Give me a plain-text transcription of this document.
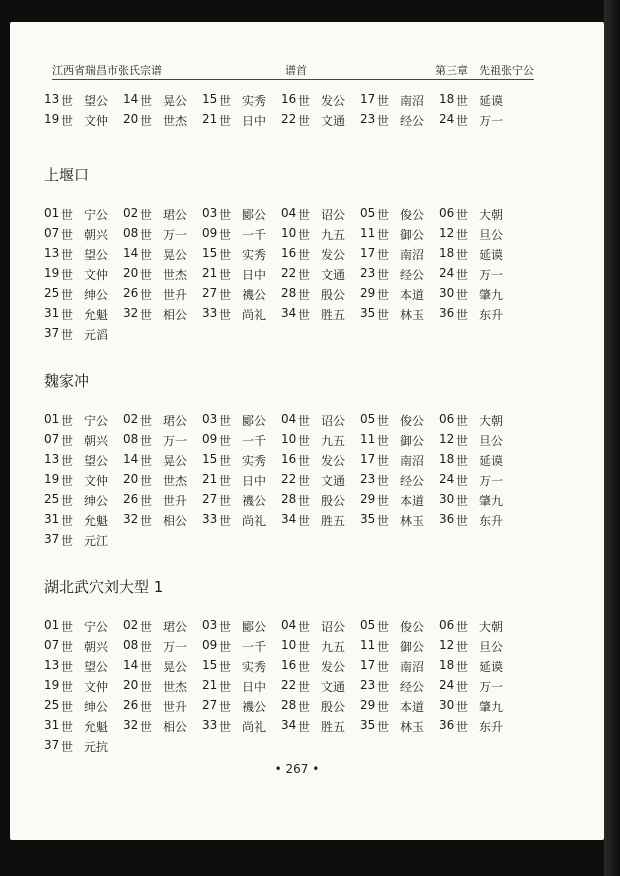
江西省瑞昌市张氏宗谱	谱首	第三章　先祖张宁公
13 世 望公	14 世 晃公	15 世 实秀	16 世 发公	17 世 南沼	18 世 延谟
19 世 文仲	20 世 世杰	21 世 日中	22 世 文通	23 世 经公	24 世 万一
上堰口
01 世 宁公	02 世 珺公	03 世 郾公	04 世 诏公	05 世 俊公	06 世 大朝
07 世 朝兴	08 世 万一	09 世 一千	10 世 九五	11 世 御公	12 世 旦公
13 世 望公	14 世 晃公	15 世 实秀	16 世 发公	17 世 南沼	18 世 延谟
19 世 文仲	20 世 世杰	21 世 日中	22 世 文通	23 世 经公	24 世 万一
25 世 绅公	26 世 世升	27 世 禨公	28 世 殷公	29 世 本道	30 世 肇九
31 世 允魁	32 世 相公	33 世 尚礼	34 世 胜五	35 世 林玉	36 世 东升
37 世 元滔
魏家冲
01 世 宁公	02 世 珺公	03 世 郾公	04 世 诏公	05 世 俊公	06 世 大朝
07 世 朝兴	08 世 万一	09 世 一千	10 世 九五	11 世 御公	12 世 旦公
13 世 望公	14 世 晃公	15 世 实秀	16 世 发公	17 世 南沼	18 世 延谟
19 世 文仲	20 世 世杰	21 世 日中	22 世 文通	23 世 经公	24 世 万一
25 世 绅公	26 世 世升	27 世 禨公	28 世 殷公	29 世 本道	30 世 肇九
31 世 允魁	32 世 相公	33 世 尚礼	34 世 胜五	35 世 林玉	36 世 东升
37 世 元江
湖北武穴刘大型 1
01 世 宁公	02 世 珺公	03 世 郾公	04 世 诏公	05 世 俊公	06 世 大朝
07 世 朝兴	08 世 万一	09 世 一千	10 世 九五	11 世 御公	12 世 旦公
13 世 望公	14 世 晃公	15 世 实秀	16 世 发公	17 世 南沼	18 世 延谟
19 世 文仲	20 世 世杰	21 世 日中	22 世 文通	23 世 经公	24 世 万一
25 世 绅公	26 世 世升	27 世 禨公	28 世 殷公	29 世 本道	30 世 肇九
31 世 允魁	32 世 相公	33 世 尚礼	34 世 胜五	35 世 林玉	36 世 东升
37 世 元抗
• 267 •
